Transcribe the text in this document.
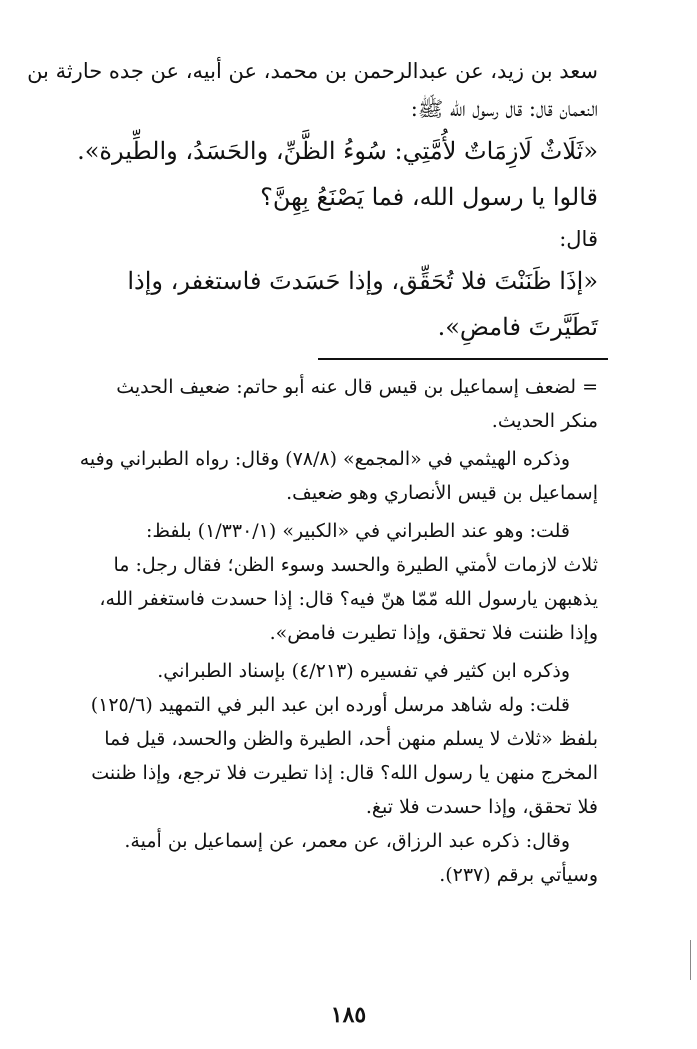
سعد بن زيد، عن عبدالرحمن بن محمد، عن أبيه، عن جده حارثة بن
النعمان قال: قال رسول الله ﷺ:
«ثَلَاثٌ لَازِمَاتٌ لأُمَّتِي: سُوءُ الظَّنِّ، والحَسَدُ، والطِّيرة».
قالوا يا رسول الله، فما يَصْنَعُ بِهِنَّ؟
قال:
«إذَا ظَنَنْتَ فلا تُحَقِّق، وإذا حَسَدتَ فاستغفر، وإذا
تَطَيَّرتَ فامضِ».
= لضعف إسماعيل بن قيس قال عنه أبو حاتم: ضعيف الحديث
منكر الحديث.
وذكره الهيثمي في «المجمع» (٧٨/٨) وقال: رواه الطبراني وفيه
إسماعيل بن قيس الأنصاري وهو ضعيف.
قلت: وهو عند الطبراني في «الكبير» (١/٣٣٠/١) بلفظ:
ثلاث لازمات لأمتي الطيرة والحسد وسوء الظن؛ فقال رجل: ما
يذهبهن يارسول الله مّمّا هنّ فيه؟ قال: إذا حسدت فاستغفر الله،
وإذا ظننت فلا تحقق، وإذا تطيرت فامض».
وذكره ابن كثير في تفسيره (٤/٢١٣) بإسناد الطبراني.
قلت: وله شاهد مرسل أورده ابن عبد البر في التمهيد (١٢٥/٦)
بلفظ «ثلاث لا يسلم منهن أحد، الطيرة والظن والحسد، قيل فما
المخرج منهن يا رسول الله؟ قال: إذا تطيرت فلا ترجع، وإذا ظننت
فلا تحقق، وإذا حسدت فلا تبغ.
وقال: ذكره عبد الرزاق، عن معمر، عن إسماعيل بن أمية.
وسيأتي برقم (٢٣٧).
١٨٥
